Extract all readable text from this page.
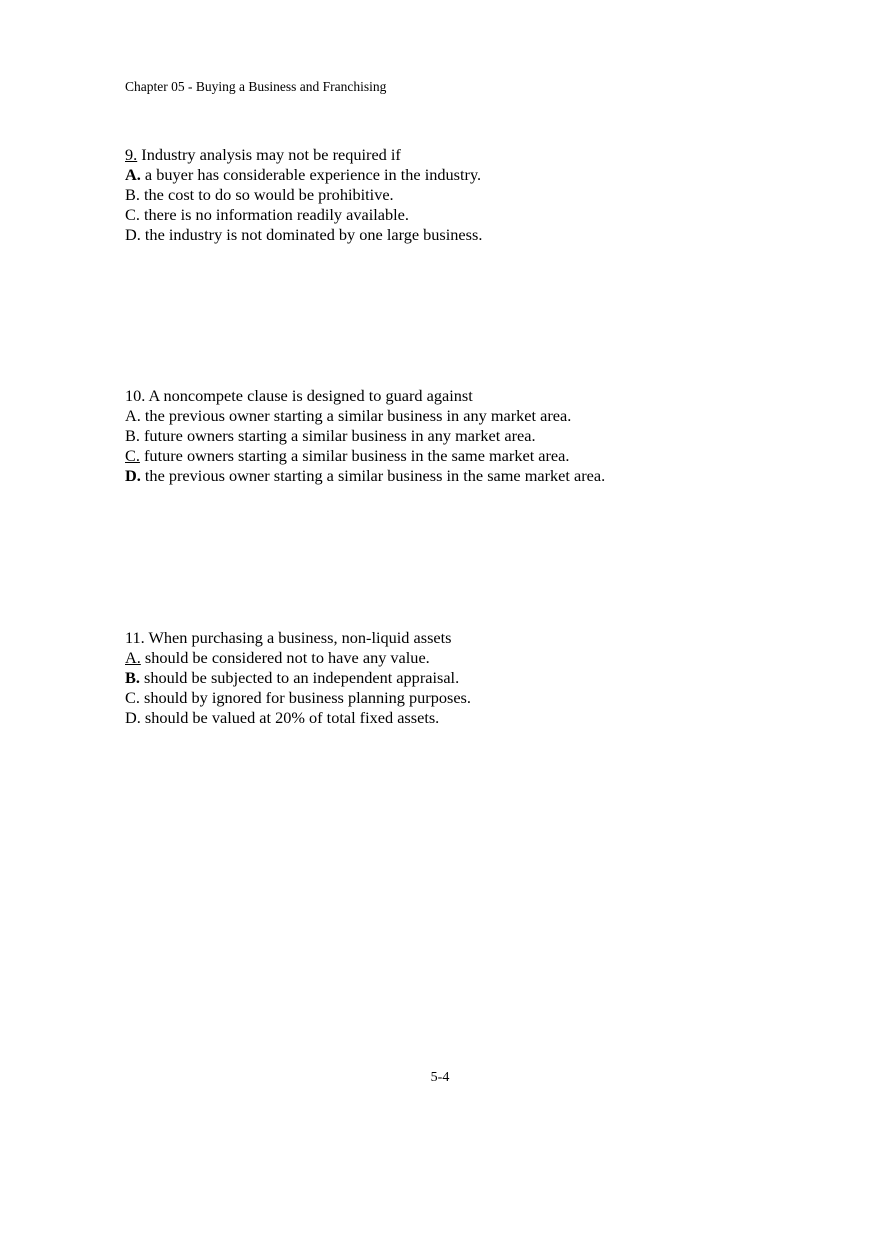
Chapter 05 - Buying a Business and Franchising
9. Industry analysis may not be required if
A. a buyer has considerable experience in the industry.
B. the cost to do so would be prohibitive.
C. there is no information readily available.
D. the industry is not dominated by one large business.
10. A noncompete clause is designed to guard against
A. the previous owner starting a similar business in any market area.
B. future owners starting a similar business in any market area.
C. future owners starting a similar business in the same market area.
D. the previous owner starting a similar business in the same market area.
11. When purchasing a business, non-liquid assets
A. should be considered not to have any value.
B. should be subjected to an independent appraisal.
C. should by ignored for business planning purposes.
D. should be valued at 20% of total fixed assets.
5-4
